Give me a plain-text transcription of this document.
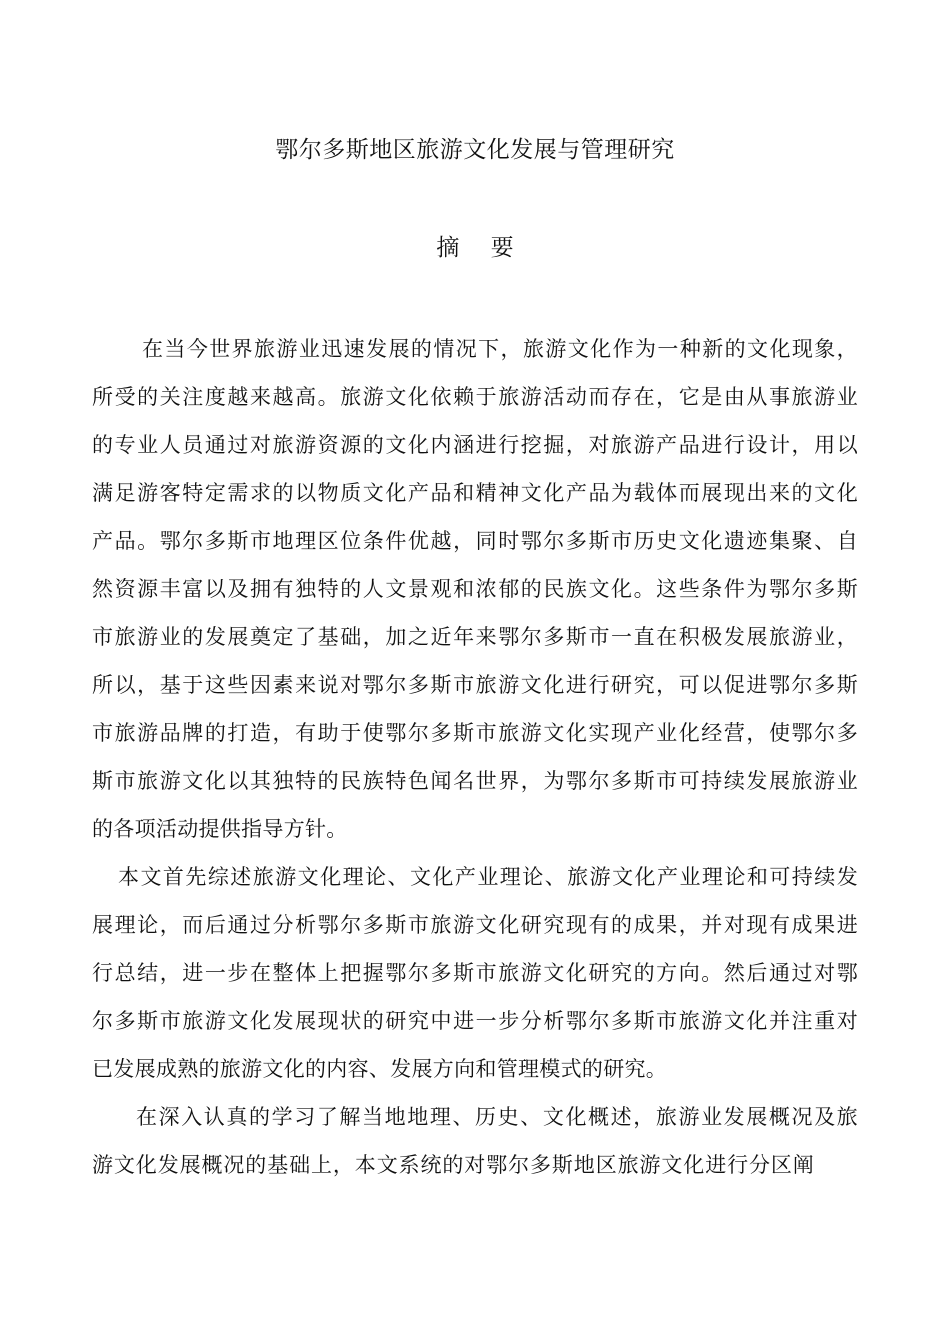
鄂尔多斯地区旅游文化发展与管理研究
摘 要
在当今世界旅游业迅速发展的情况下，旅游文化作为一种新的文化现象，
所受的关注度越来越高。旅游文化依赖于旅游活动而存在，它是由从事旅游业
的专业人员通过对旅游资源的文化内涵进行挖掘，对旅游产品进行设计，用以
满足游客特定需求的以物质文化产品和精神文化产品为载体而展现出来的文化
产品。鄂尔多斯市地理区位条件优越，同时鄂尔多斯市历史文化遗迹集聚、自
然资源丰富以及拥有独特的人文景观和浓郁的民族文化。这些条件为鄂尔多斯
市旅游业的发展奠定了基础，加之近年来鄂尔多斯市一直在积极发展旅游业，
所以，基于这些因素来说对鄂尔多斯市旅游文化进行研究，可以促进鄂尔多斯
市旅游品牌的打造，有助于使鄂尔多斯市旅游文化实现产业化经营，使鄂尔多
斯市旅游文化以其独特的民族特色闻名世界，为鄂尔多斯市可持续发展旅游业
的各项活动提供指导方针。
本文首先综述旅游文化理论、文化产业理论、旅游文化产业理论和可持续发
展理论，而后通过分析鄂尔多斯市旅游文化研究现有的成果，并对现有成果进
行总结，进一步在整体上把握鄂尔多斯市旅游文化研究的方向。然后通过对鄂
尔多斯市旅游文化发展现状的研究中进一步分析鄂尔多斯市旅游文化并注重对
已发展成熟的旅游文化的内容、发展方向和管理模式的研究。
在深入认真的学习了解当地地理、历史、文化概述，旅游业发展概况及旅
游文化发展概况的基础上，本文系统的对鄂尔多斯地区旅游文化进行分区阐
